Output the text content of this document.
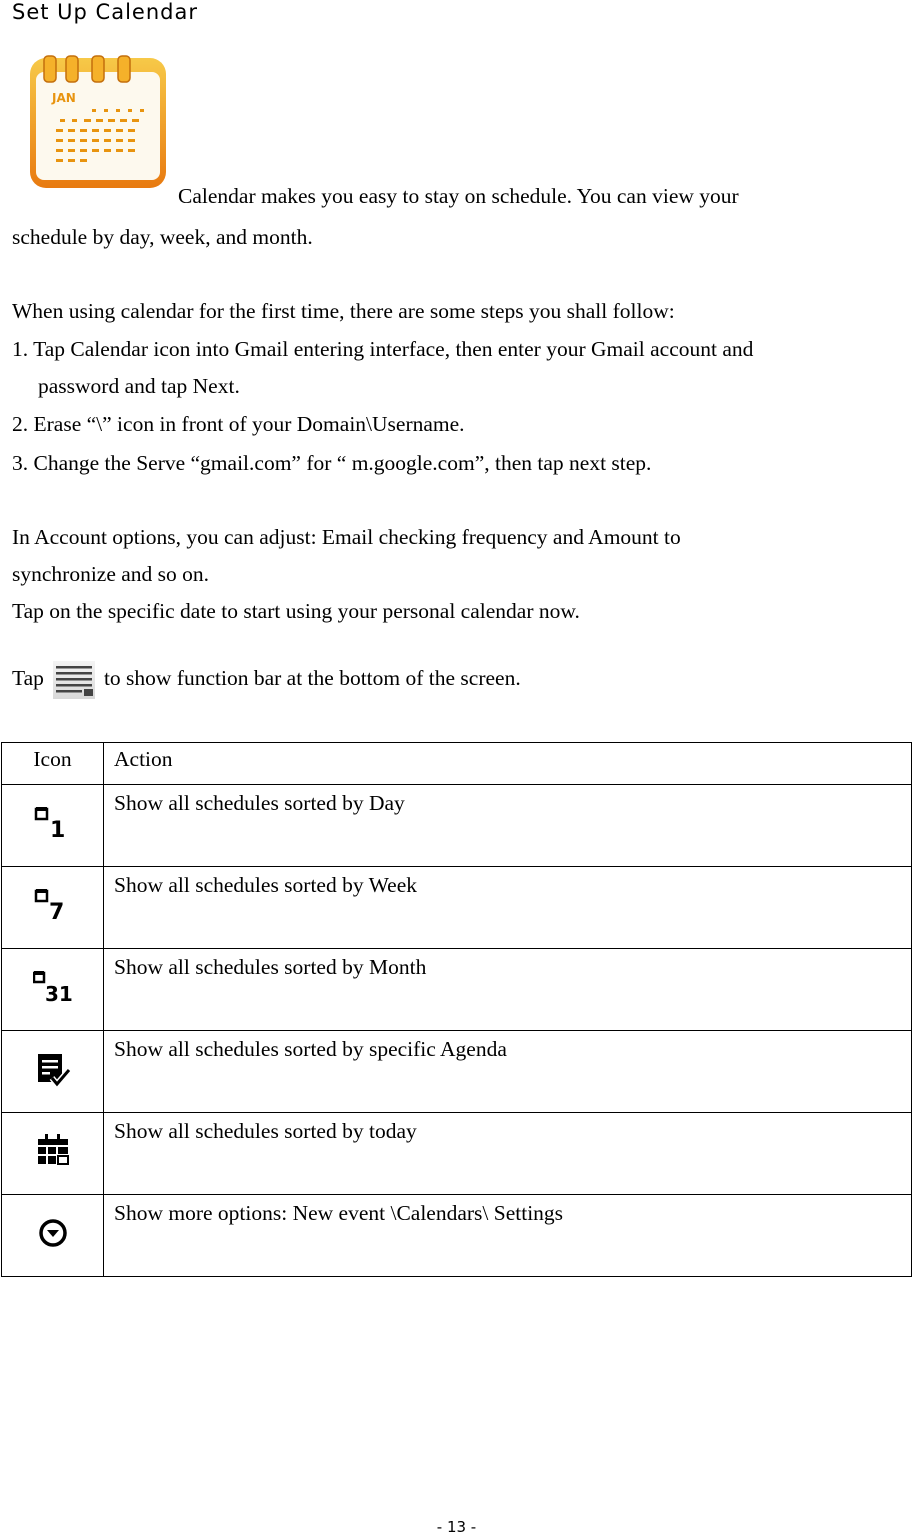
Set Up Calendar
JAN
Calendar makes you easy to stay on schedule. You can view your
schedule by day, week, and month.
When using calendar for the first time, there are some steps you shall follow:
1. Tap Calendar icon into Gmail entering interface, then enter your Gmail account and
password and tap Next.
2. Erase “\” icon in front of your Domain\Username.
3. Change the Serve “gmail.com” for “ m.google.com”, then tap next step.
In Account options, you can adjust: Email checking frequency and Amount to
synchronize and so on.
Tap on the specific date to start using your personal calendar now.
Tap	to show function bar at the bottom of the screen.
Icon	Action

1	Show all schedules sorted by Day

7	Show all schedules sorted by Week

31	Show all schedules sorted by Month
	Show all schedules sorted by specific Agenda
	Show all schedules sorted by today
	Show more options: New event \Calendars\ Settings
- 13 -
